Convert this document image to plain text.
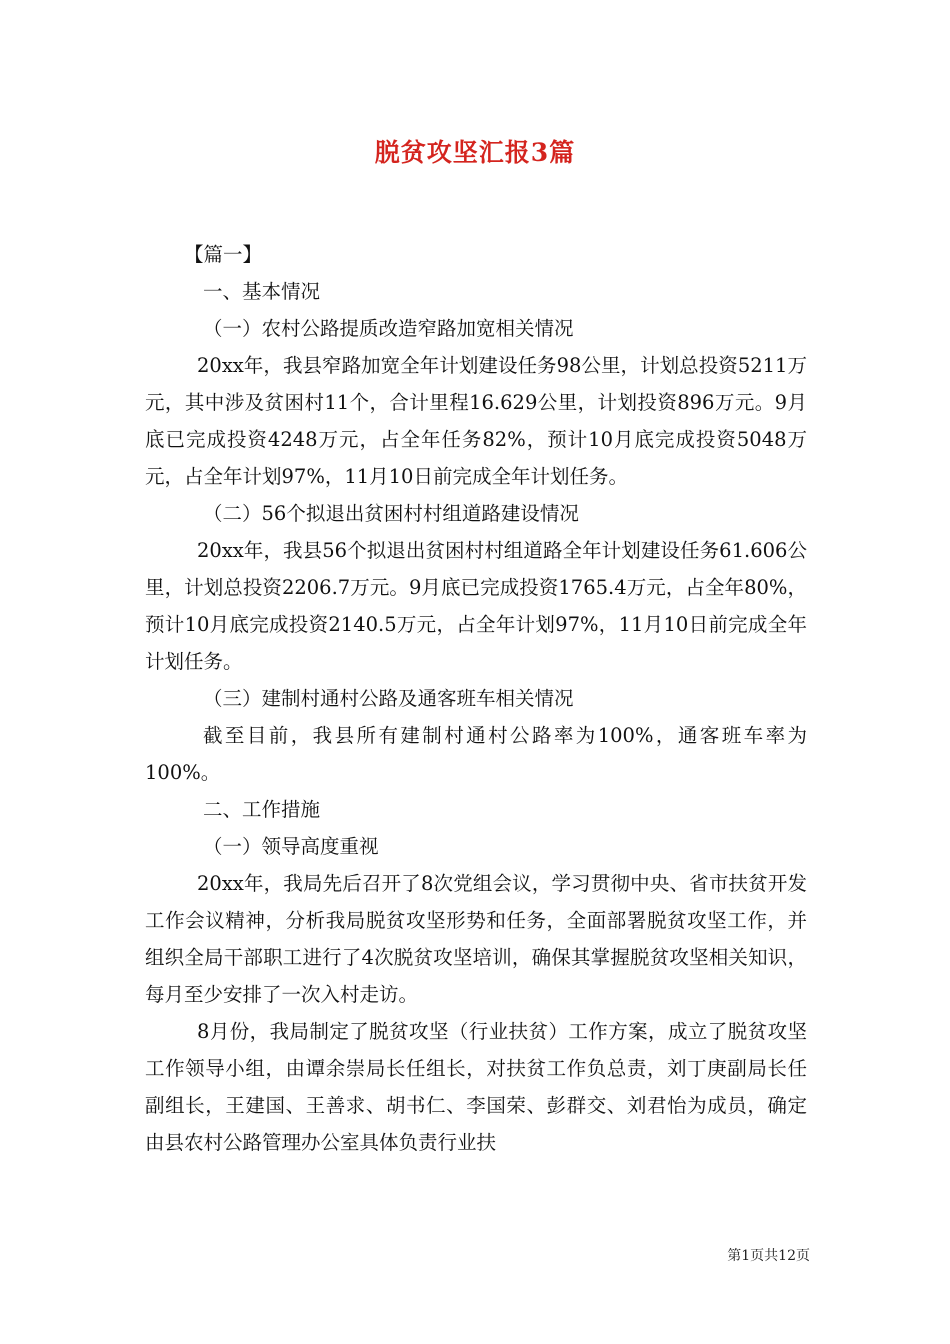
脱贫攻坚汇报3篇

【篇一】

一、基本情况

（一）农村公路提质改造窄路加宽相关情况

20xx年，我县窄路加宽全年计划建设任务98公里，计划总投资5211万元，其中涉及贫困村11个，合计里程16.629公里，计划投资896万元。9月底已完成投资4248万元，占全年任务82%，预计10月底完成投资5048万元，占全年计划97%，11月10日前完成全年计划任务。

（二）56个拟退出贫困村村组道路建设情况

20xx年，我县56个拟退出贫困村村组道路全年计划建设任务61.606公里，计划总投资2206.7万元。9月底已完成投资1765.4万元，占全年80%，预计10月底完成投资2140.5万元，占全年计划97%，11月10日前完成全年计划任务。

（三）建制村通村公路及通客班车相关情况

截至目前，我县所有建制村通村公路率为100%，通客班车率为100%。

二、工作措施

（一）领导高度重视

20xx年，我局先后召开了8次党组会议，学习贯彻中央、省市扶贫开发工作会议精神，分析我局脱贫攻坚形势和任务，全面部署脱贫攻坚工作，并组织全局干部职工进行了4次脱贫攻坚培训，确保其掌握脱贫攻坚相关知识，每月至少安排了一次入村走访。

8月份，我局制定了脱贫攻坚（行业扶贫）工作方案，成立了脱贫攻坚工作领导小组，由谭余崇局长任组长，对扶贫工作负总责，刘丁庚副局长任副组长，王建国、王善求、胡书仁、李国荣、彭群交、刘君怡为成员，确定由县农村公路管理办公室具体负责行业扶

第1页共12页
